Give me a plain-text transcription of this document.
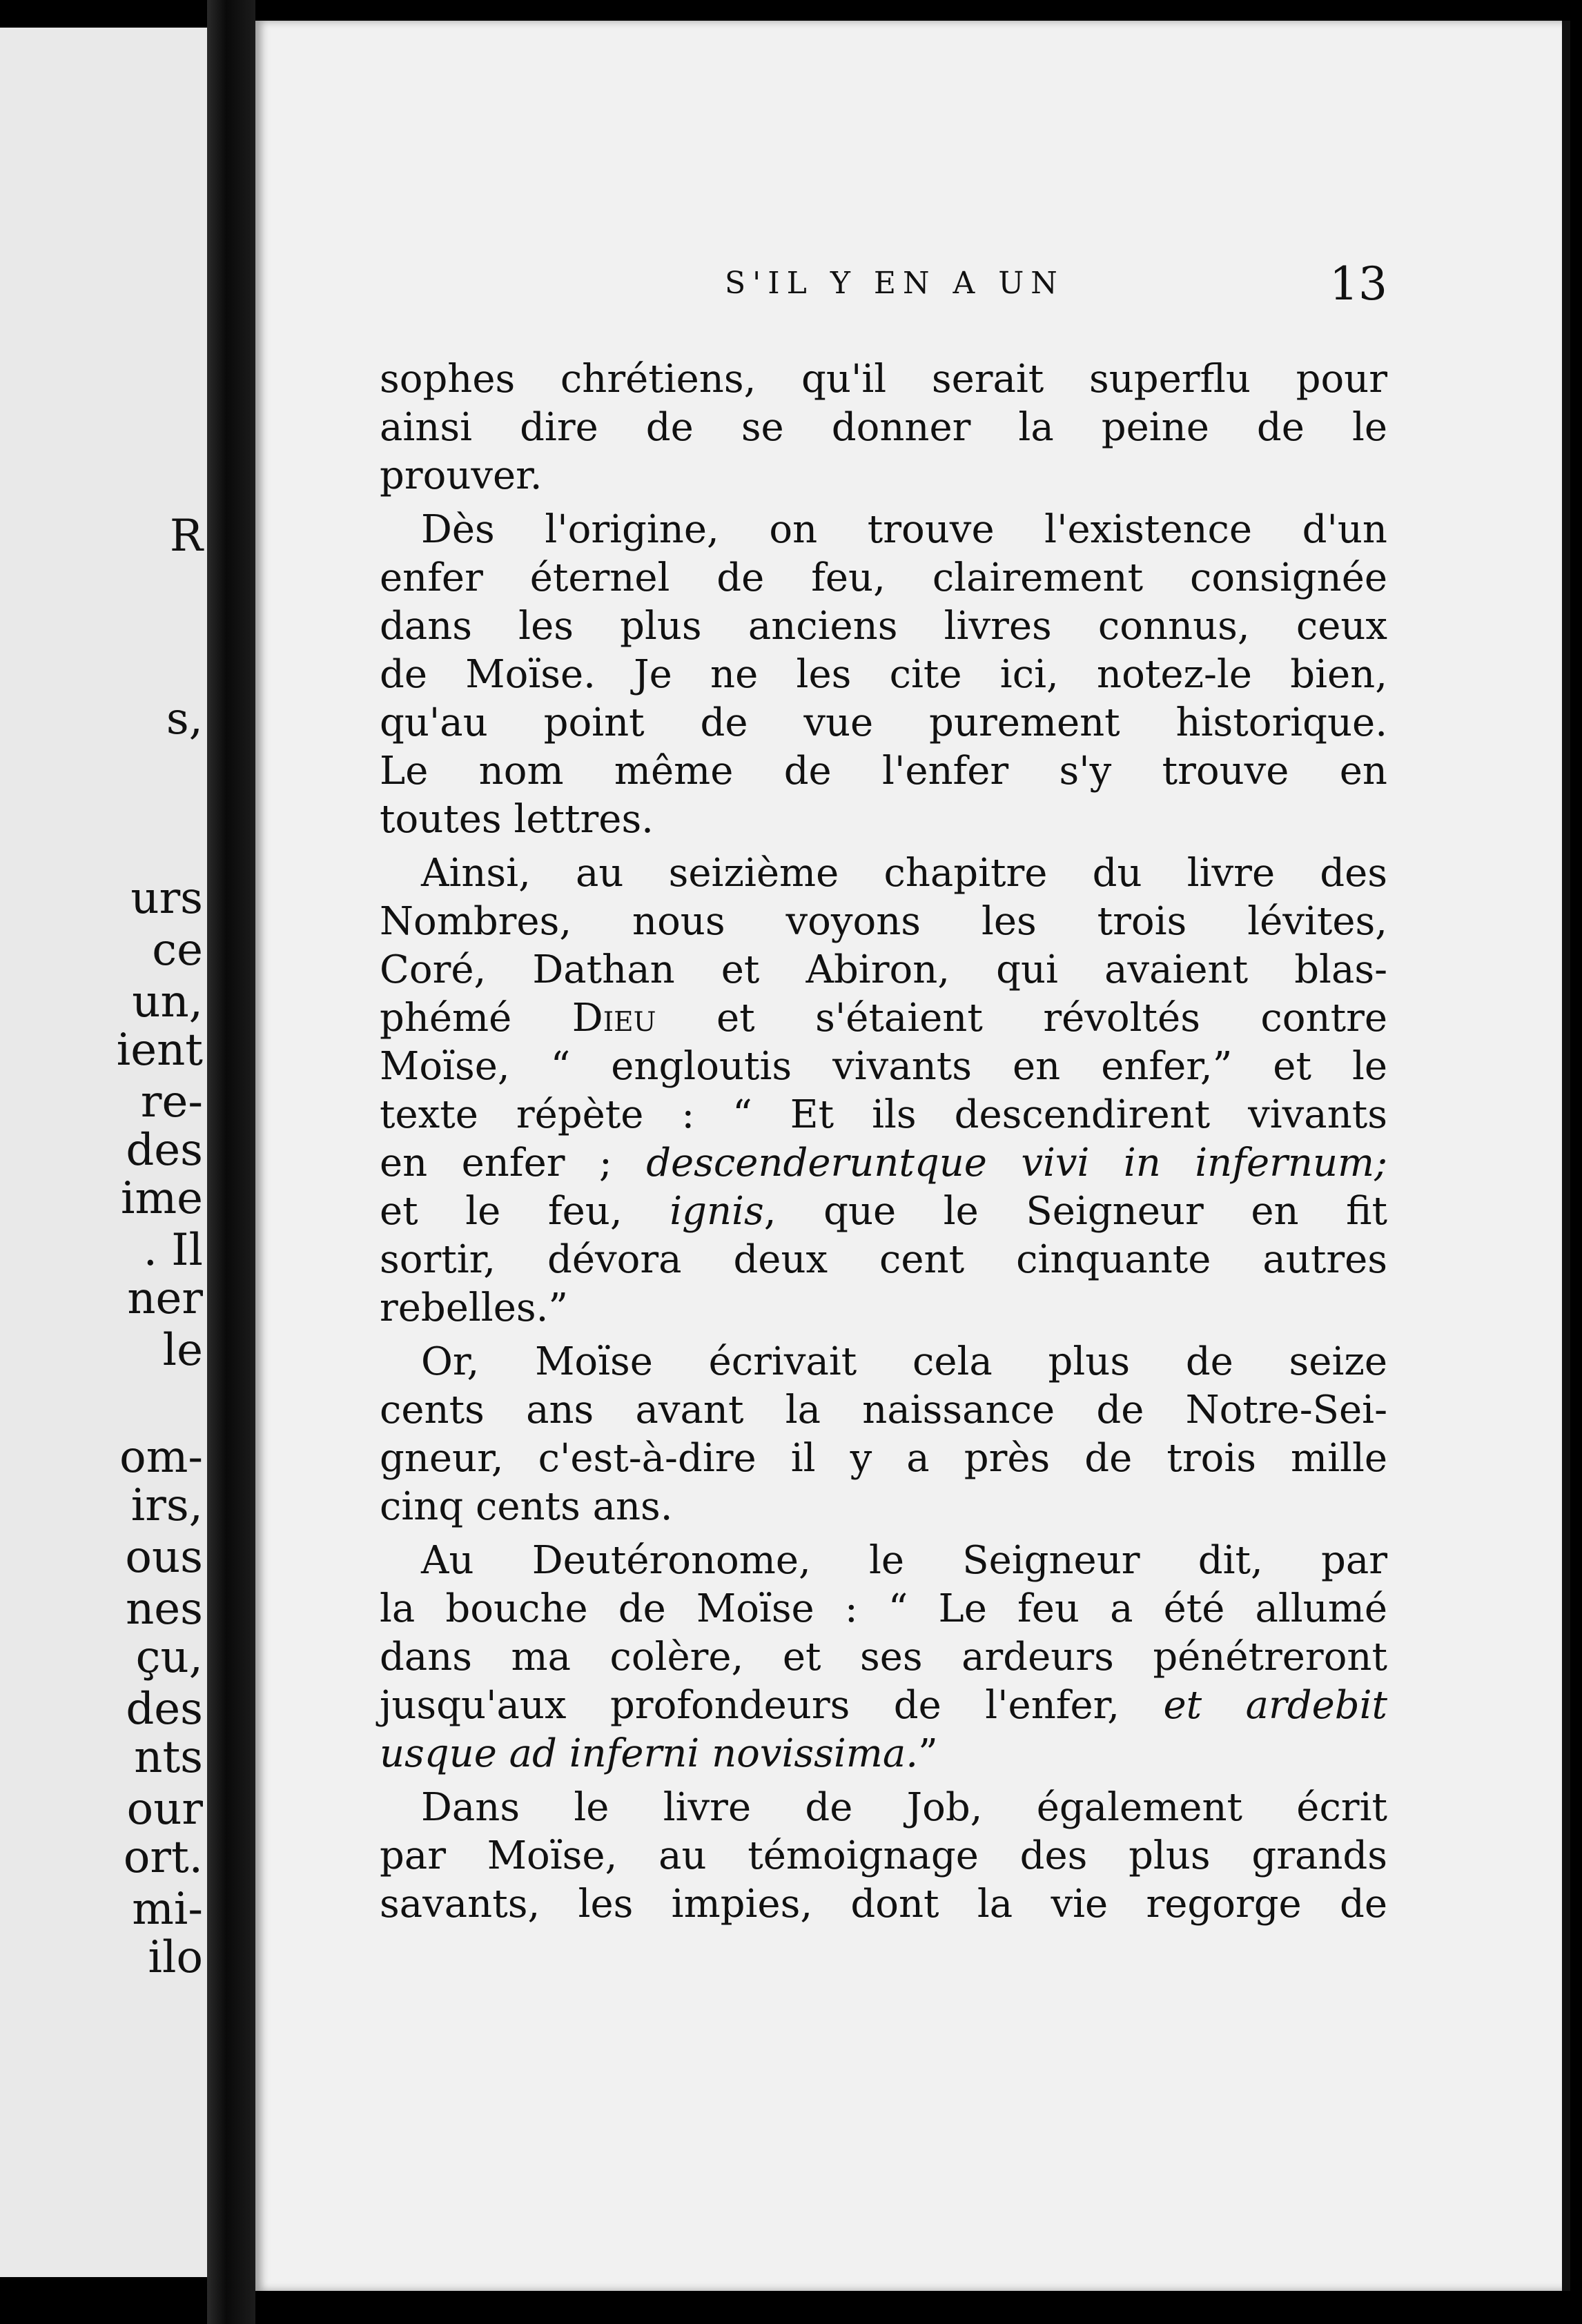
R
s,
urs
ce
un,
ient
re-
des
ime
. Il
ner
le
om-
irs,
ous
nes
çu,
des
nts
our
ort.
mi-
ilo
S'IL Y EN A UN	13
sophes chrétiens, qu'il serait superflu pour
ainsi dire de se donner la peine de le
prouver.
Dès l'origine, on trouve l'existence d'un
enfer éternel de feu, clairement consignée
dans les plus anciens livres connus, ceux
de Moïse. Je ne les cite ici, notez-le bien,
qu'au point de vue purement historique.
Le nom même de l'enfer s'y trouve en
toutes lettres.
Ainsi, au seizième chapitre du livre des
Nombres, nous voyons les trois lévites,
Coré, Dathan et Abiron, qui avaient blas-
phémé Dieu et s'étaient révoltés contre
Moïse, “ engloutis vivants en enfer,” et le
texte répète : “ Et ils descendirent vivants
en enfer ; descenderuntque vivi in infernum;
et le feu, ignis, que le Seigneur en fit
sortir, dévora deux cent cinquante autres
rebelles.”
Or, Moïse écrivait cela plus de seize
cents ans avant la naissance de Notre-Sei-
gneur, c'est-à-dire il y a près de trois mille
cinq cents ans.
Au Deutéronome, le Seigneur dit, par
la bouche de Moïse : “ Le feu a été allumé
dans ma colère, et ses ardeurs pénétreront
jusqu'aux profondeurs de l'enfer, et ardebit
usque ad inferni novissima.”
Dans le livre de Job, également écrit
par Moïse, au témoignage des plus grands
savants, les impies, dont la vie regorge de
